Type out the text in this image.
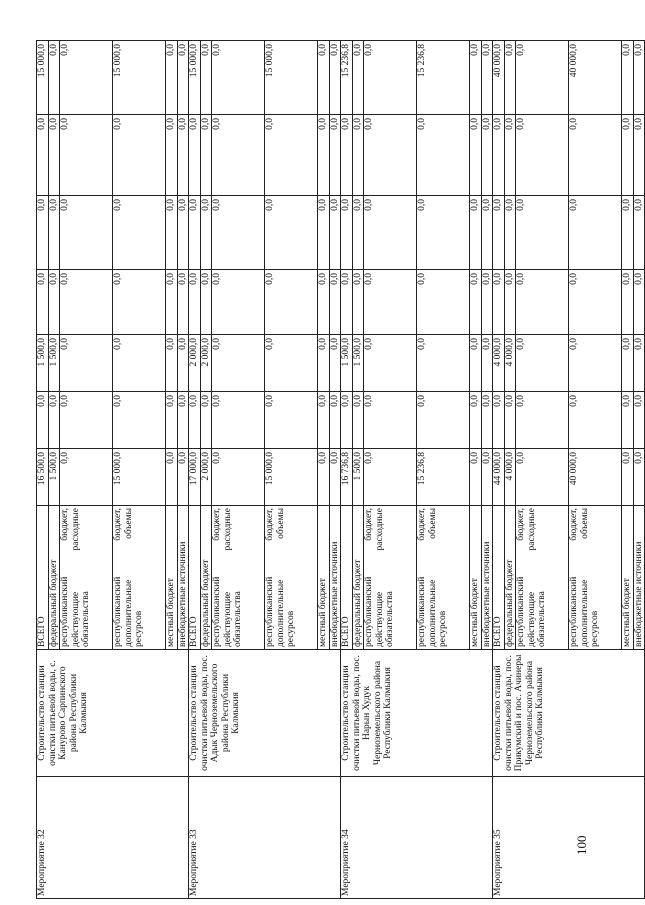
100
Мероприятие 32	Строительство станции очистки питьевой воды, с. Канурово Сарпинского района Республики Калмыкия	ВСЕГО	16 500,0	0,0	1 500,0	0,0	0,0	0,0	15 000,0
		федеральный бюджет	1 500,0	0,0	1 500,0	0,0	0,0	0,0	0,0
		республиканский бюджет, действующие расходные обязательства	0,0	0,0	0,0	0,0	0,0	0,0	0,0
		республиканский бюджет, дополнительные объемы ресурсов	15 000,0	0,0	0,0	0,0	0,0	0,0	15 000,0
		местный бюджет	0,0	0,0	0,0	0,0	0,0	0,0	0,0
		внебюджетные источники	0,0	0,0	0,0	0,0	0,0	0,0	0,0
Мероприятие 33	Строительство станции очистки питьевой воды, пос. Адык Черноземельского района Республики Калмыкия	ВСЕГО	17 000,0	0,0	2 000,0	0,0	0,0	0,0	15 000,0
		федеральный бюджет	2 000,0	0,0	2 000,0	0,0	0,0	0,0	0,0
		республиканский бюджет, действующие расходные обязательства	0,0	0,0	0,0	0,0	0,0	0,0	0,0
		республиканский бюджет, дополнительные объемы ресурсов	15 000,0	0,0	0,0	0,0	0,0	0,0	15 000,0
		местный бюджет	0,0	0,0	0,0	0,0	0,0	0,0	0,0
		внебюджетные источники	0,0	0,0	0,0	0,0	0,0	0,0	0,0
Мероприятие 34	Строительство станции очистки питьевой воды, пос. Нарын Худук Черноземельского района Республики Калмыкия	ВСЕГО	16 736,8	0,0	1 500,0	0,0	0,0	0,0	15 236,8
		федеральный бюджет	1 500,0	0,0	1 500,0	0,0	0,0	0,0	0,0
		республиканский бюджет, действующие расходные обязательства	0,0	0,0	0,0	0,0	0,0	0,0	0,0
		республиканский бюджет, дополнительные объемы ресурсов	15 236,8	0,0	0,0	0,0	0,0	0,0	15 236,8
		местный бюджет	0,0	0,0	0,0	0,0	0,0	0,0	0,0
		внебюджетные источники	0,0	0,0	0,0	0,0	0,0	0,0	0,0
Мероприятие 35	Строительство станций очистки питьевой воды, пос. Прикумский и пос. Ачинеры Черноземельского района Республики Калмыкия	ВСЕГО	44 000,0	0,0	4 000,0	0,0	0,0	0,0	40 000,0
		федеральный бюджет	4 000,0	0,0	4 000,0	0,0	0,0	0,0	0,0
		республиканский бюджет, действующие расходные обязательства	0,0	0,0	0,0	0,0	0,0	0,0	0,0
		республиканский бюджет, дополнительные объемы ресурсов	40 000,0	0,0	0,0	0,0	0,0	0,0	40 000,0
		местный бюджет	0,0	0,0	0,0	0,0	0,0	0,0	0,0
		внебюджетные источники	0,0	0,0	0,0	0,0	0,0	0,0	0,0
